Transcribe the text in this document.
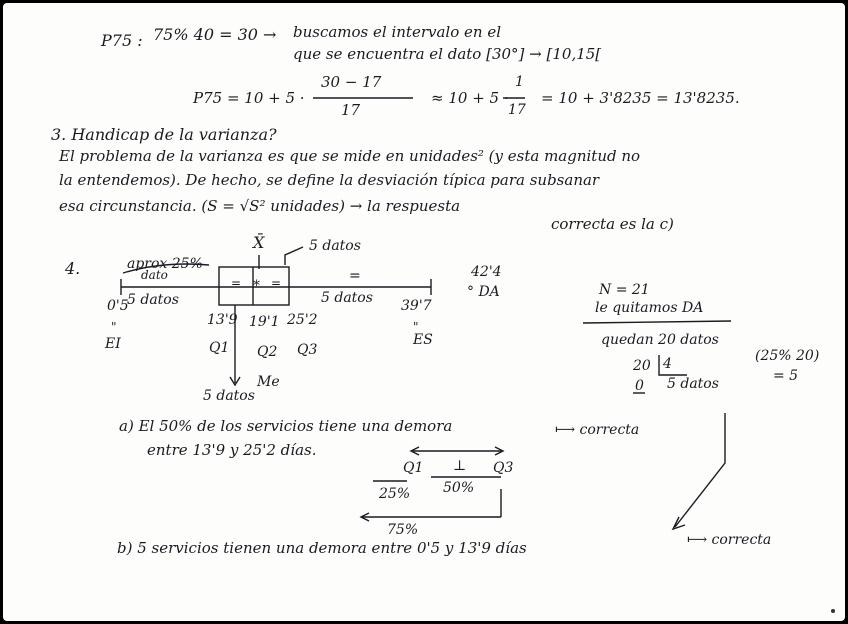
P75 : 75% 40 = 30 → buscamos el intervalo en el
que se encuentra el dato [30°] → [10,15[
P75 = 10 + 5 ·
30 − 17
17
≈ 10 + 5 ·
1
17
= 10 + 3'8235 = 13'8235.
3. Handicap de la varianza?
El problema de la varianza es que se mide en unidades² (y esta magnitud no
la entendemos). De hecho, se define la desviación típica para subsanar
esa circunstancia. (S = √S² unidades) → la respuesta
correcta es la c)
4.	aprox 25%
dato
5 datos
X̄
5 datos	5 datos
=
= * =
0'5
13'9 19'1 25'2
39'7
42'4
° DA
"
EI
"
ES
Q1 Q2 Q3
Me
5 datos
N = 21
le quitamos DA
quedan 20 datos
20 4
0 5 datos
(25% 20)
= 5
a) El 50% de los servicios tiene una demora
entre 13'9 y 25'2 días.
⟼ correcta
Q1 ⊥ Q3
25% 50%
75%
b) 5 servicios tienen una demora entre 0'5 y 13'9 días	⟼ correcta
